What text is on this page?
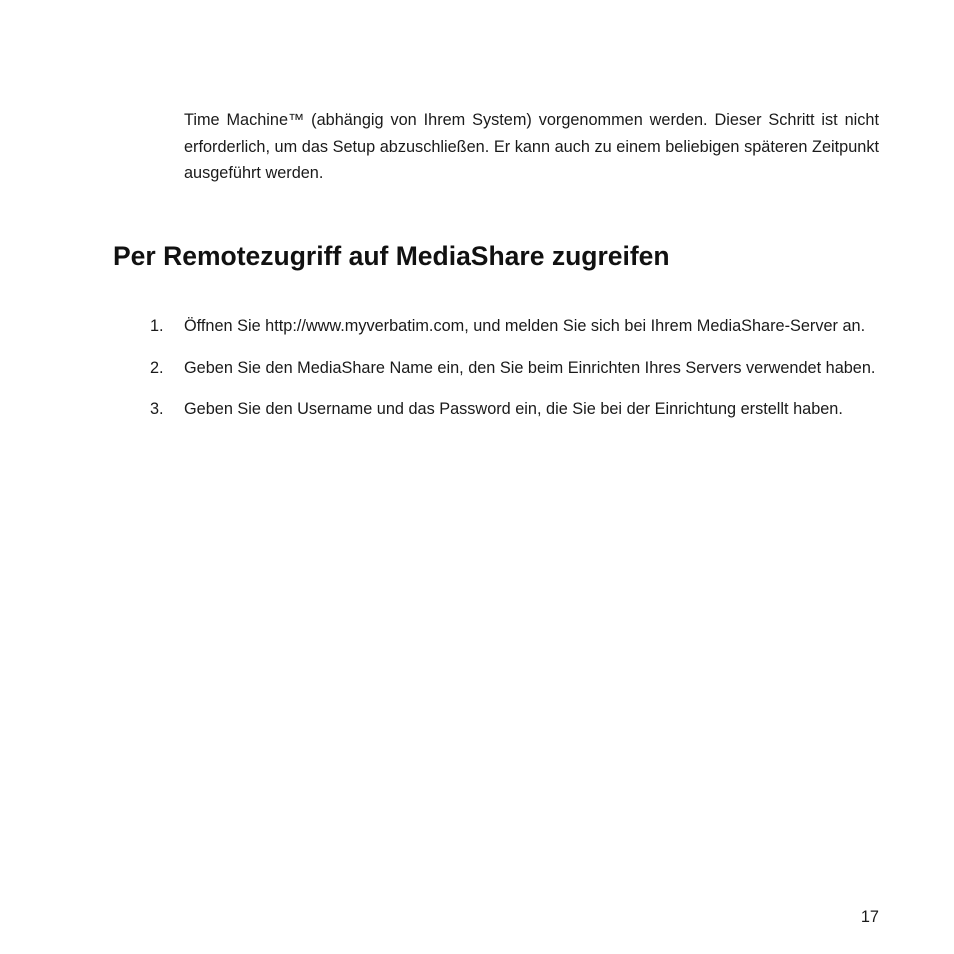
Time Machine™ (abhängig von Ihrem System) vorgenommen werden. Dieser Schritt ist nicht erforderlich, um das Setup abzuschließen. Er kann auch zu einem beliebigen späteren Zeitpunkt ausgeführt werden.

Per Remotezugriff auf MediaShare zugreifen
1.	Öffnen Sie http://www.myverbatim.com, und melden Sie sich bei Ihrem MediaShare-Server an.
2.	Geben Sie den MediaShare Name ein, den Sie beim Einrichten Ihres Servers verwendet haben.
3.	Geben Sie den Username und das Password ein, die Sie bei der Einrichtung erstellt haben.
17
